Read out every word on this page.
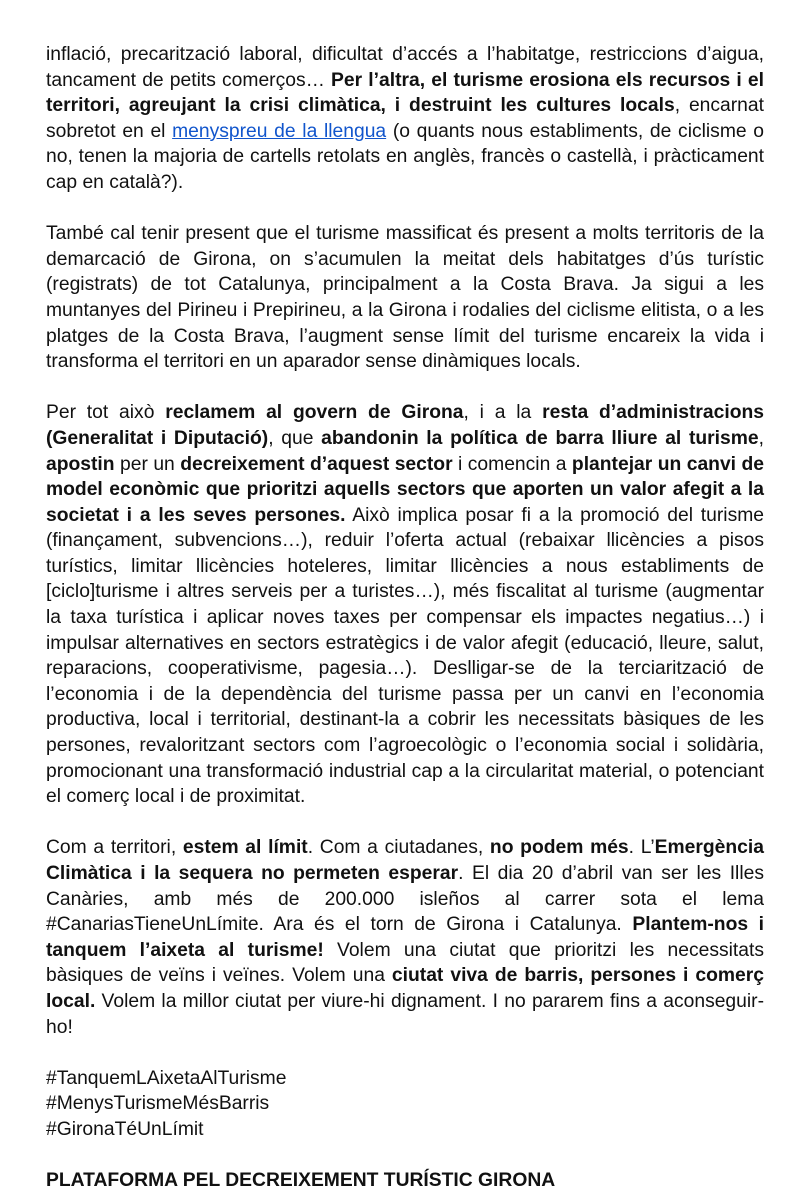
inflació, precarització laboral, dificultat d’accés a l’habitatge, restriccions d’aigua, tancament de petits comerços… Per l’altra, el turisme erosiona els recursos i el territori, agreujant la crisi climàtica, i destruint les cultures locals, encarnat sobretot en el menyspreu de la llengua (o quants nous establiments, de ciclisme o no, tenen la majoria de cartells retolats en anglès, francès o castellà, i pràcticament cap en català?).

També cal tenir present que el turisme massificat és present a molts territoris de la demarcació de Girona, on s’acumulen la meitat dels habitatges d’ús turístic (registrats) de tot Catalunya, principalment a la Costa Brava. Ja sigui a les muntanyes del Pirineu i Prepirineu, a la Girona i rodalies del ciclisme elitista, o a les platges de la Costa Brava, l’augment sense límit del turisme encareix la vida i transforma el territori en un aparador sense dinàmiques locals.

Per tot això reclamem al govern de Girona, i a la resta d’administracions (Generalitat i Diputació), que abandonin la política de barra lliure al turisme, apostin per un decreixement d’aquest sector i comencin a plantejar un canvi de model econòmic que prioritzi aquells sectors que aporten un valor afegit a la societat i a les seves persones. Això implica posar fi a la promoció del turisme (finançament, subvencions…), reduir l’oferta actual (rebaixar llicències a pisos turístics, limitar llicències hoteleres, limitar llicències a nous establiments de [ciclo]turisme i altres serveis per a turistes…), més fiscalitat al turisme (augmentar la taxa turística i aplicar noves taxes per compensar els impactes negatius…) i impulsar alternatives en sectors estratègics i de valor afegit (educació, lleure, salut, reparacions, cooperativisme, pagesia…). Deslligar-se de la terciarització de l’economia i de la dependència del turisme passa per un canvi en l’economia productiva, local i territorial, destinant-la a cobrir les necessitats bàsiques de les persones, revaloritzant sectors com l’agroecològic o l’economia social i solidària, promocionant una transformació industrial cap a la circularitat material, o potenciant el comerç local i de proximitat.

Com a territori, estem al límit. Com a ciutadanes, no podem més. L’Emergència Climàtica i la sequera no permeten esperar. El dia 20 d’abril van ser les Illes Canàries, amb més de 200.000 isleños al carrer sota el lema #CanariasTieneUnLímite. Ara és el torn de Girona i Catalunya. Plantem-nos i tanquem l’aixeta al turisme! Volem una ciutat que prioritzi les necessitats bàsiques de veïns i veïnes. Volem una ciutat viva de barris, persones i comerç local. Volem la millor ciutat per viure-hi dignament. I no pararem fins a aconseguir-ho!

#TanquemLAixetaAlTurisme
#MenysTurismeMésBarris
#GironaTéUnLímit
PLATAFORMA PEL DECREIXEMENT TURÍSTIC GIRONA
